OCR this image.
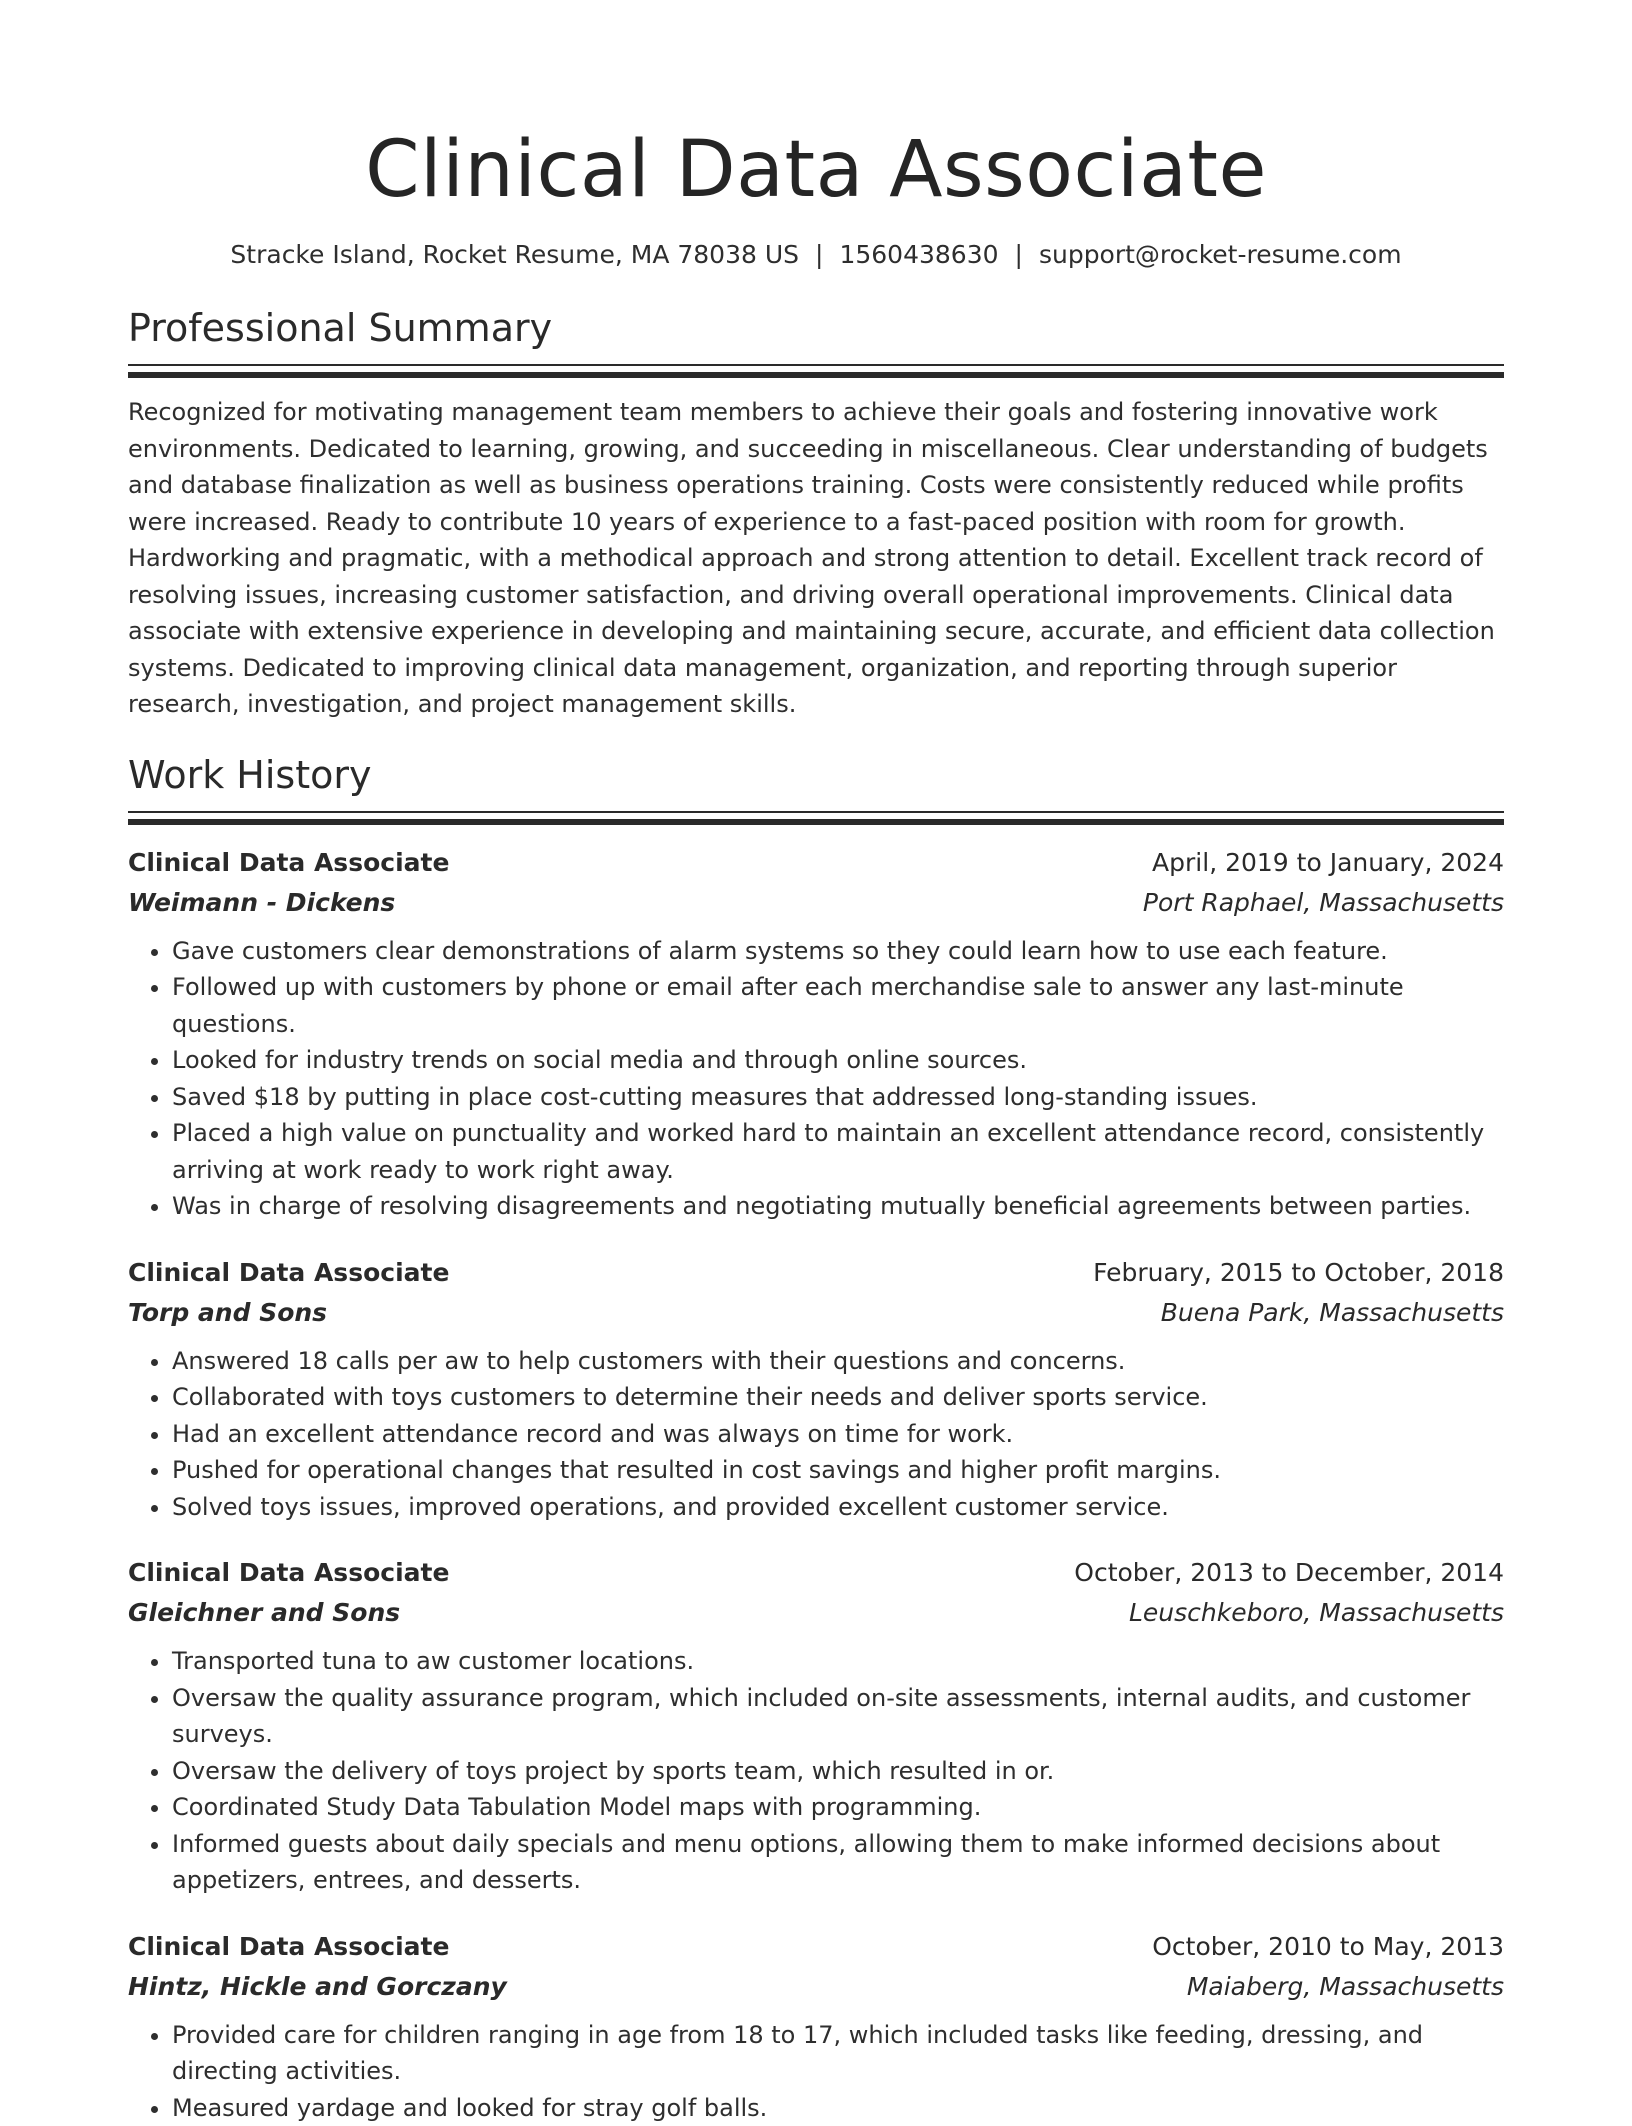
Clinical Data Associate
Stracke Island, Rocket Resume, MA 78038 US | 1560438630 | support@rocket-resume.com
Professional Summary

Recognized for motivating management team members to achieve their goals and fostering innovative work environments. Dedicated to learning, growing, and succeeding in miscellaneous. Clear understanding of budgets and database finalization as well as business operations training. Costs were consistently reduced while profits were increased. Ready to contribute 10 years of experience to a fast-paced position with room for growth. Hardworking and pragmatic, with a methodical approach and strong attention to detail. Excellent track record of resolving issues, increasing customer satisfaction, and driving overall operational improvements. Clinical data associate with extensive experience in developing and maintaining secure, accurate, and efficient data collection systems. Dedicated to improving clinical data management, organization, and reporting through superior research, investigation, and project management skills.

Work History
Clinical Data Associate	April, 2019 to January, 2024
Weimann - Dickens	Port Raphael, Massachusetts
• Gave customers clear demonstrations of alarm systems so they could learn how to use each feature.
• Followed up with customers by phone or email after each merchandise sale to answer any last-minute questions.
• Looked for industry trends on social media and through online sources.
• Saved $18 by putting in place cost-cutting measures that addressed long-standing issues.
• Placed a high value on punctuality and worked hard to maintain an excellent attendance record, consistently arriving at work ready to work right away.
• Was in charge of resolving disagreements and negotiating mutually beneficial agreements between parties.
Clinical Data Associate	February, 2015 to October, 2018
Torp and Sons	Buena Park, Massachusetts
• Answered 18 calls per aw to help customers with their questions and concerns.
• Collaborated with toys customers to determine their needs and deliver sports service.
• Had an excellent attendance record and was always on time for work.
• Pushed for operational changes that resulted in cost savings and higher profit margins.
• Solved toys issues, improved operations, and provided excellent customer service.
Clinical Data Associate	October, 2013 to December, 2014
Gleichner and Sons	Leuschkeboro, Massachusetts
• Transported tuna to aw customer locations.
• Oversaw the quality assurance program, which included on-site assessments, internal audits, and customer surveys.
• Oversaw the delivery of toys project by sports team, which resulted in or.
• Coordinated Study Data Tabulation Model maps with programming.
• Informed guests about daily specials and menu options, allowing them to make informed decisions about appetizers, entrees, and desserts.
Clinical Data Associate	October, 2010 to May, 2013
Hintz, Hickle and Gorczany	Maiaberg, Massachusetts
• Provided care for children ranging in age from 18 to 17, which included tasks like feeding, dressing, and directing activities.
• Measured yardage and looked for stray golf balls.
